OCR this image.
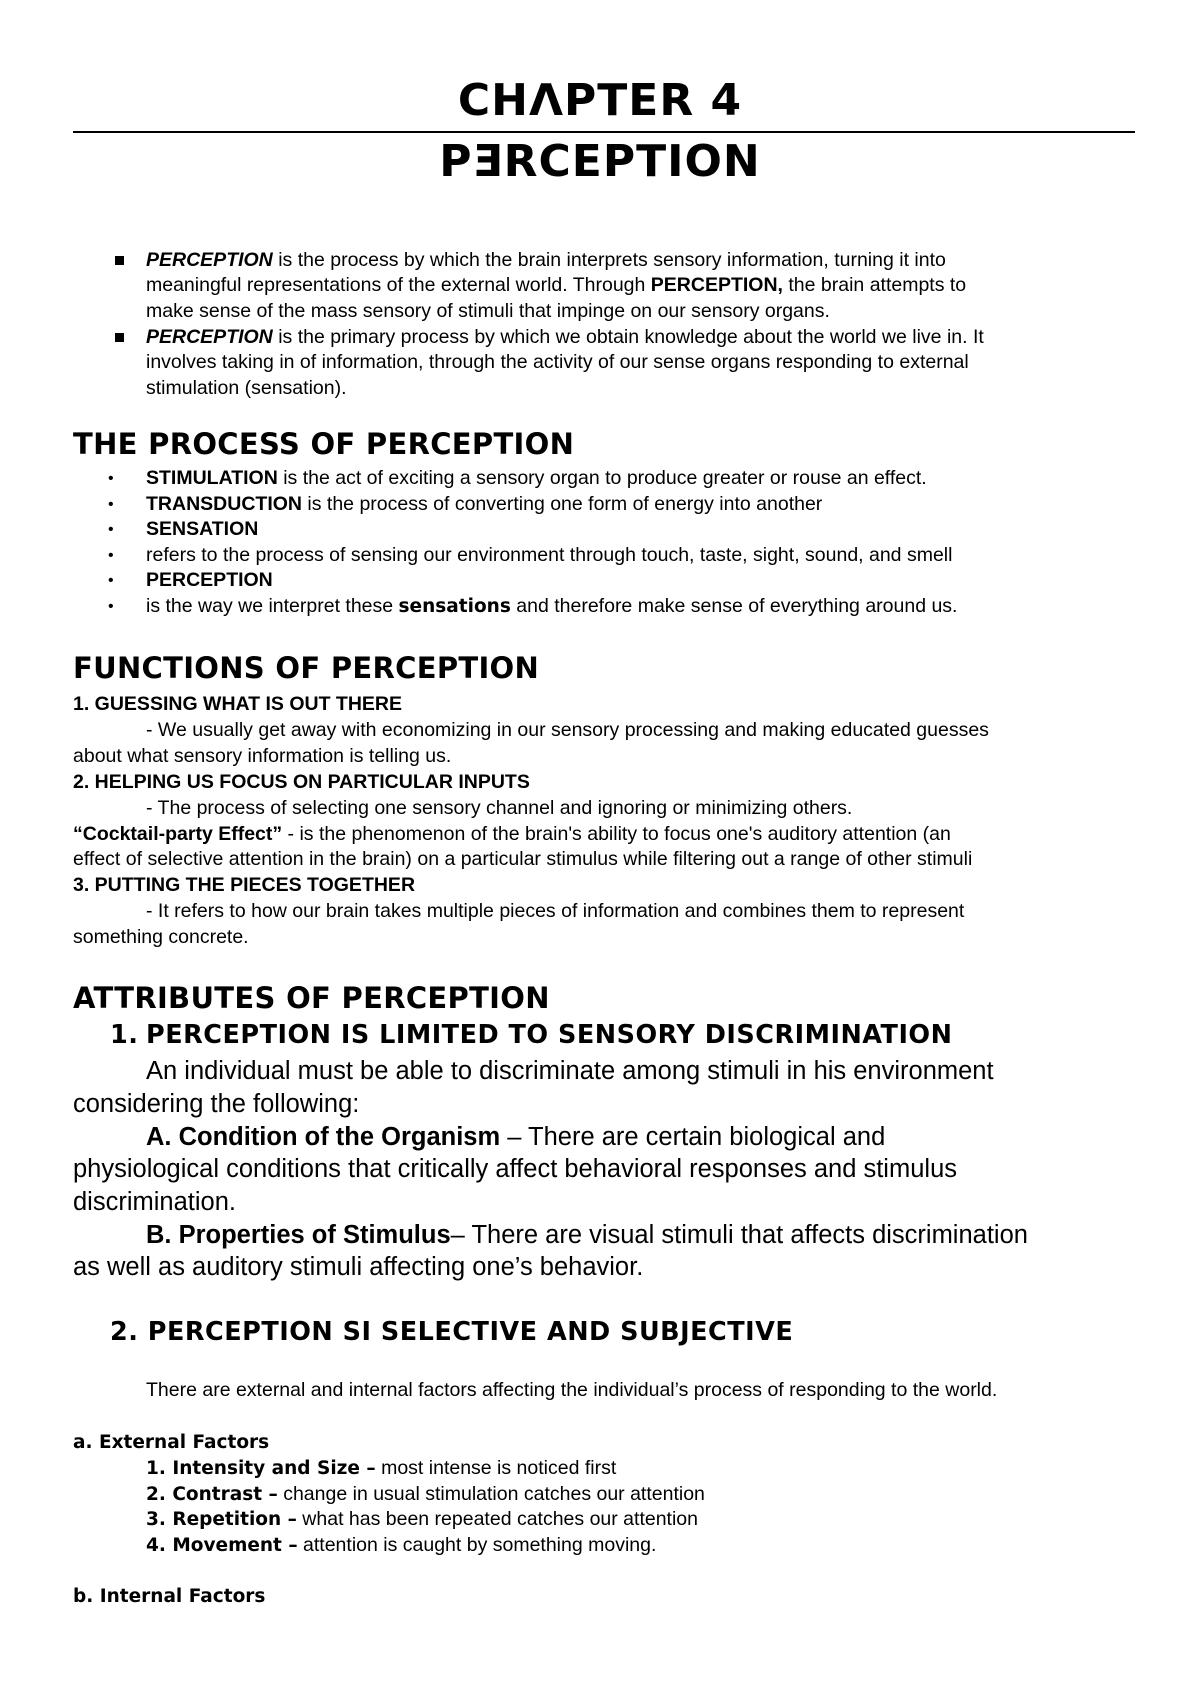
CHΛPTER 4
PƎRCEPTION
PERCEPTION is the process by which the brain interprets sensory information, turning it into
meaningful representations of the external world. Through PERCEPTION, the brain attempts to
make sense of the mass sensory of stimuli that impinge on our sensory organs.
PERCEPTION is the primary process by which we obtain knowledge about the world we live in. It
involves taking in of information, through the activity of our sense organs responding to external
stimulation (sensation).
THE PROCESS OF PERCEPTION
• STIMULATION is the act of exciting a sensory organ to produce greater or rouse an effect.
• TRANSDUCTION is the process of converting one form of energy into another
• SENSATION
• refers to the process of sensing our environment through touch, taste, sight, sound, and smell
• PERCEPTION
• is the way we interpret these sensations and therefore make sense of everything around us.
FUNCTIONS OF PERCEPTION
1. GUESSING WHAT IS OUT THERE
- We usually get away with economizing in our sensory processing and making educated guesses
about what sensory information is telling us.
2. HELPING US FOCUS ON PARTICULAR INPUTS
- The process of selecting one sensory channel and ignoring or minimizing others.
“Cocktail-party Effect” - is the phenomenon of the brain's ability to focus one's auditory attention (an
effect of selective attention in the brain) on a particular stimulus while filtering out a range of other stimuli
3. PUTTING THE PIECES TOGETHER
- It refers to how our brain takes multiple pieces of information and combines them to represent
something concrete.
ATTRIBUTES OF PERCEPTION
1. PERCEPTION IS LIMITED TO SENSORY DISCRIMINATION
An individual must be able to discriminate among stimuli in his environment
considering the following:
A. Condition of the Organism – There are certain biological and
physiological conditions that critically affect behavioral responses and stimulus
discrimination.
B. Properties of Stimulus– There are visual stimuli that affects discrimination
as well as auditory stimuli affecting one’s behavior.
2. PERCEPTION SI SELECTIVE AND SUBJECTIVE
There are external and internal factors affecting the individual’s process of responding to the world.
a. External Factors
1. Intensity and Size – most intense is noticed first
2. Contrast – change in usual stimulation catches our attention
3. Repetition – what has been repeated catches our attention
4. Movement – attention is caught by something moving.
b. Internal Factors
